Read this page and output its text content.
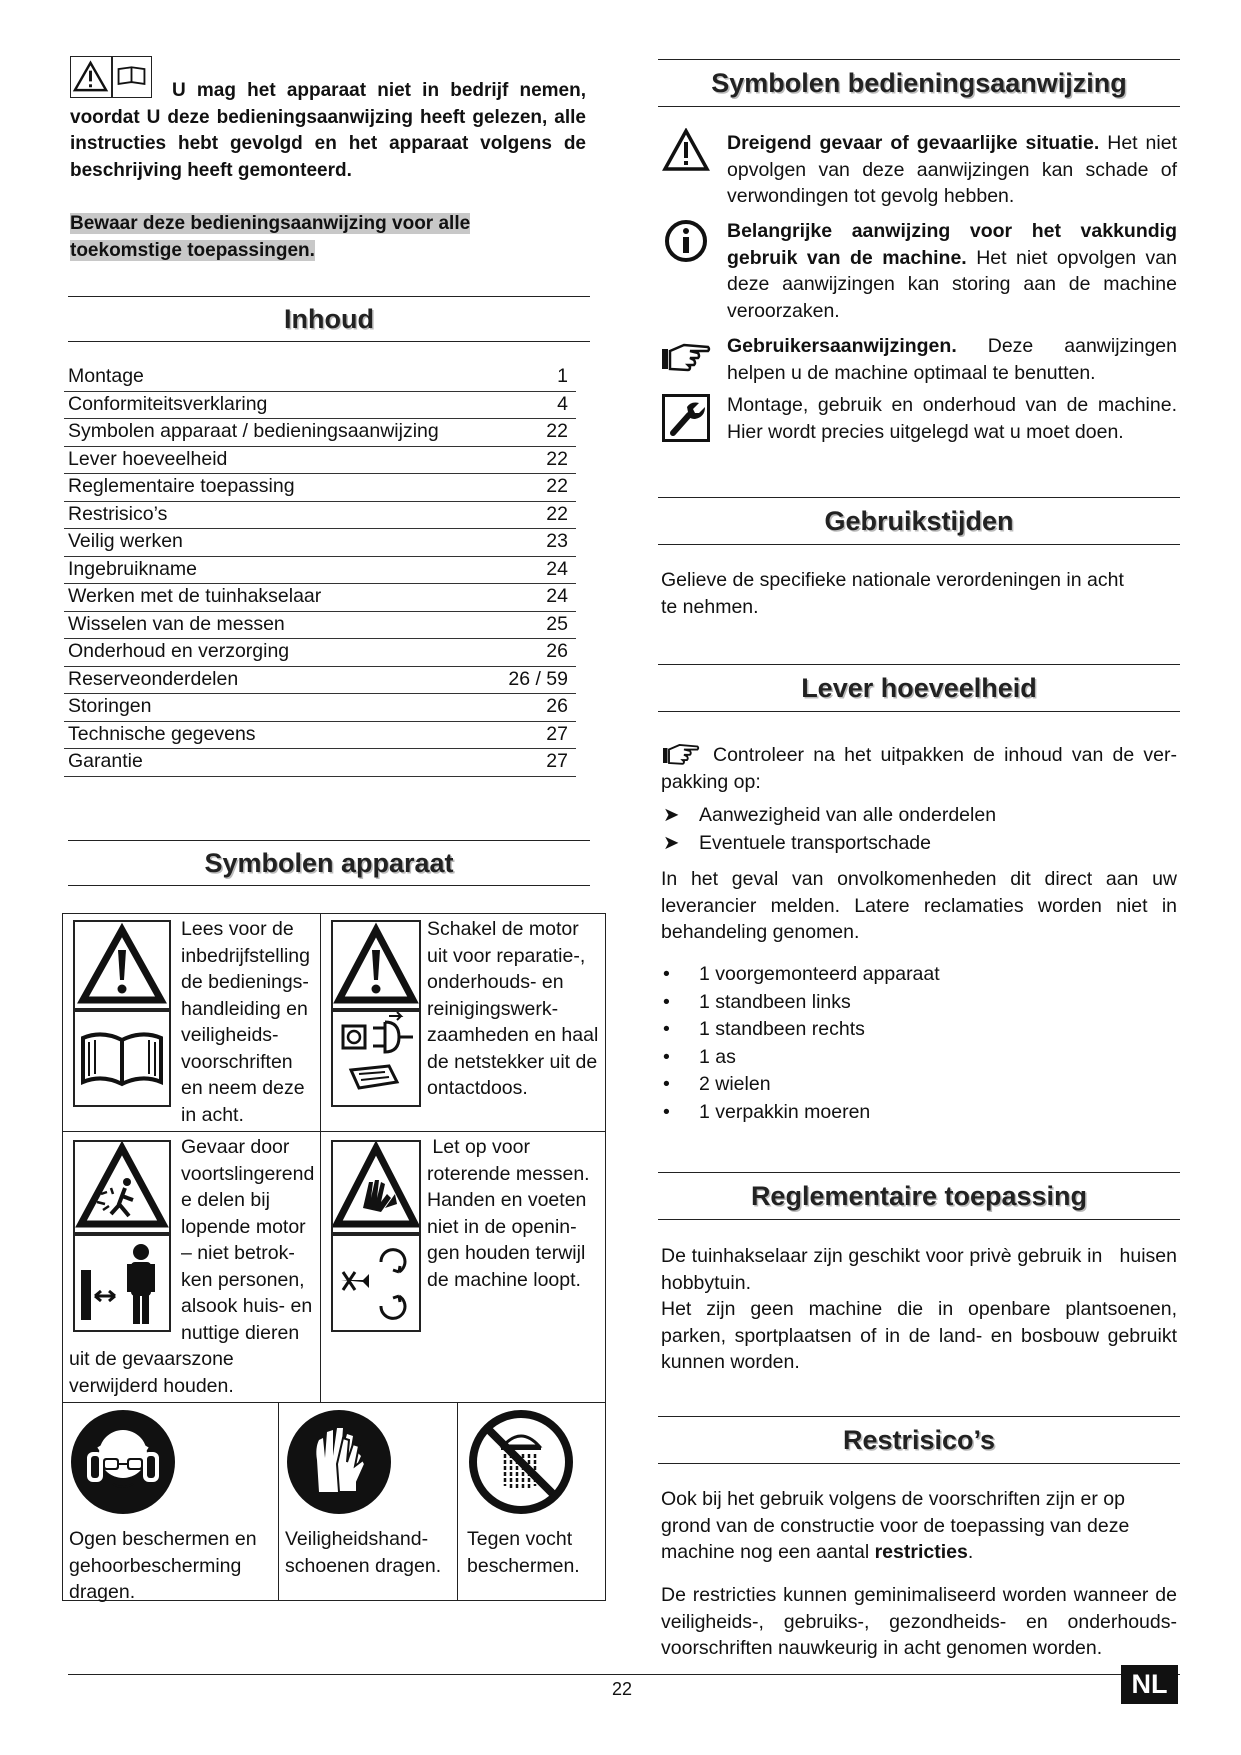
U mag het apparaat niet in bedrijf nemen, voordat U deze bedieningsaanwijzing heeft gelezen, alle instructies hebt gevolgd en het apparaat volgens de beschrijving heeft gemonteerd.
Bewaar deze bedieningsaanwijzing voor alle toekomstige toepassingen.
Inhoud
Montage	1
Conformiteitsverklaring	4
Symbolen apparaat / bedieningsaanwijzing	22
Lever hoeveelheid	22
Reglementaire toepassing	22
Restrisico’s	22
Veilig werken	23
Ingebruikname	24
Werken met de tuinhakselaar	24
Wisselen van de messen	25
Onderhoud en verzorging	26
Reserveonderdelen	26 / 59
Storingen	26
Technische gegevens	27
Garantie	27
Symbolen apparaat
Lees voor de inbedrijfstelling de bedienings-handleiding en veiligheids-voorschriften en neem deze in acht.
Schakel de motor uit voor reparatie-, onderhouds- en reinigingswerk-zaamheden en haal de netstekker uit de ontactdoos.
Gevaar door voortslingerend e delen bij lopende motor – niet betrok-ken personen, alsook huis- en nuttige dieren
uit de gevaarszone verwijderd houden.
Let op voor roterende messen. Handen en voeten niet in de openin-gen houden terwijl de machine loopt.
Ogen beschermen en gehoorbescherming dragen.
Veiligheidshand-schoenen dragen.
Tegen vocht beschermen.
Symbolen bedieningsaanwijzing
Dreigend gevaar of gevaarlijke situatie. Het niet opvolgen van deze aanwijzingen kan schade of verwondingen tot gevolg hebben.
Belangrijke aanwijzing voor het vakkundig gebruik van de machine. Het niet opvolgen van deze aanwijzingen kan storing aan de machine veroorzaken.
Gebruikersaanwijzingen. Deze aanwijzingen helpen u de machine optimaal te benutten.
Montage, gebruik en onderhoud van de machine. Hier wordt precies uitgelegd wat u moet doen.
Gebruikstijden
Gelieve de specifieke nationale verordeningen in acht te nehmen.
Lever hoeveelheid
Controleer na het uitpakken de inhoud van de ver-pakking op:
➤	Aanwezigheid van alle onderdelen
➤	Eventuele transportschade
In het geval van onvolkomenheden dit direct aan uw leverancier melden. Latere reclamaties worden niet in behandeling genomen.
•	1 voorgemonteerd apparaat
•	1 standbeen links
•	1 standbeen rechts
•	1 as
•	2 wielen
•	1 verpakkin moeren
Reglementaire toepassing
De tuinhakselaar zijn geschikt voor privè gebruik in   huisen hobbytuin.
Het zijn geen machine die in openbare plantsoenen, parken, sportplaatsen of in de land- en bosbouw gebruikt kunnen worden.
Restrisico’s
Ook bij het gebruik volgens de voorschriften zijn er op grond van de constructie voor de toepassing van deze machine nog een aantal restricties.
De restricties kunnen geminimaliseerd worden wanneer de veiligheids-, gebruiks-, gezondheids- en onderhouds-voorschriften nauwkeurig in acht genomen worden.
22	NL
